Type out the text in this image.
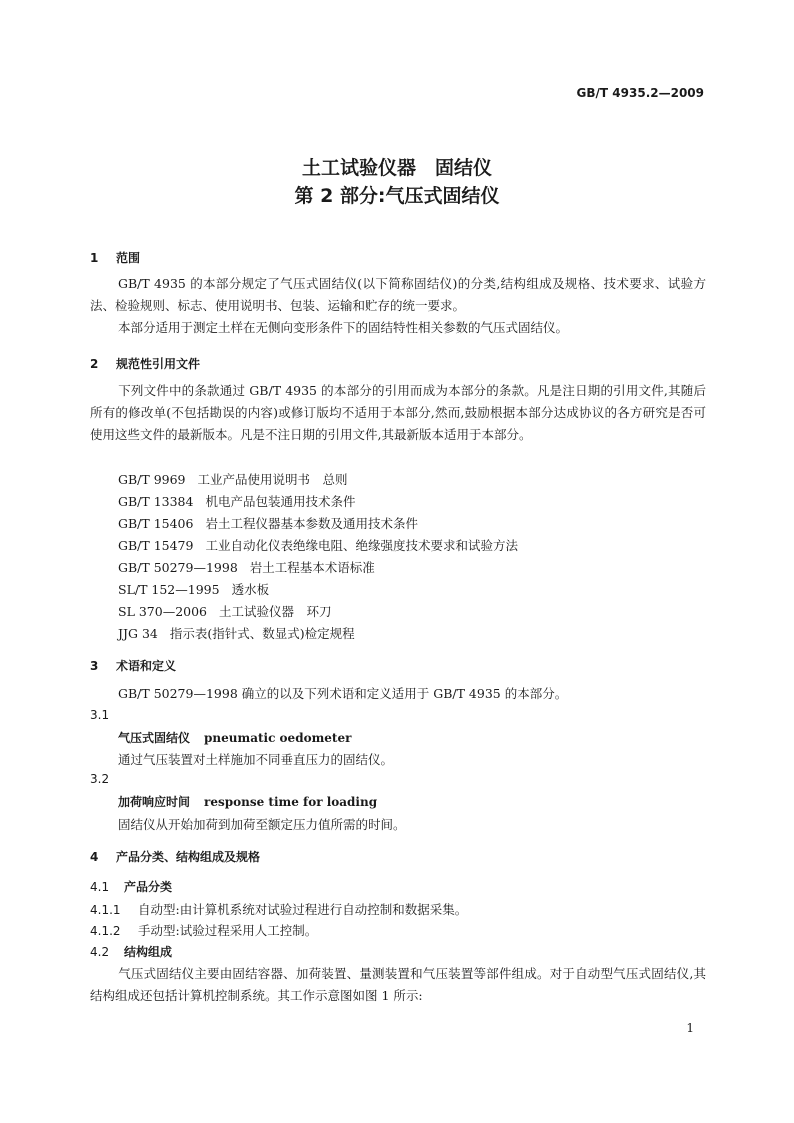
GB/T 4935.2—2009
土工试验仪器　固结仪
第 2 部分:气压式固结仪
1 范围
GB/T 4935 的本部分规定了气压式固结仪(以下简称固结仪)的分类,结构组成及规格、技术要求、试验方法、检验规则、标志、使用说明书、包装、运输和贮存的统一要求。
本部分适用于测定土样在无侧向变形条件下的固结特性相关参数的气压式固结仪。
2 规范性引用文件
下列文件中的条款通过 GB/T 4935 的本部分的引用而成为本部分的条款。凡是注日期的引用文件,其随后所有的修改单(不包括勘误的内容)或修订版均不适用于本部分,然而,鼓励根据本部分达成协议的各方研究是否可使用这些文件的最新版本。凡是不注日期的引用文件,其最新版本适用于本部分。
GB/T 9969 工业产品使用说明书　总则
GB/T 13384 机电产品包装通用技术条件
GB/T 15406 岩土工程仪器基本参数及通用技术条件
GB/T 15479 工业自动化仪表绝缘电阻、绝缘强度技术要求和试验方法
GB/T 50279—1998 岩土工程基本术语标准
SL/T 152—1995 透水板
SL 370—2006 土工试验仪器　环刀
JJG 34 指示表(指针式、数显式)检定规程
3 术语和定义
GB/T 50279—1998 确立的以及下列术语和定义适用于 GB/T 4935 的本部分。
3.1
气压式固结仪 pneumatic oedometer
通过气压装置对土样施加不同垂直压力的固结仪。
3.2
加荷响应时间 response time for loading
固结仪从开始加荷到加荷至额定压力值所需的时间。
4 产品分类、结构组成及规格
4.1 产品分类
4.1.1 自动型:由计算机系统对试验过程进行自动控制和数据采集。
4.1.2 手动型:试验过程采用人工控制。
4.2 结构组成
气压式固结仪主要由固结容器、加荷装置、量测装置和气压装置等部件组成。对于自动型气压式固结仪,其结构组成还包括计算机控制系统。其工作示意图如图 1 所示:
1
